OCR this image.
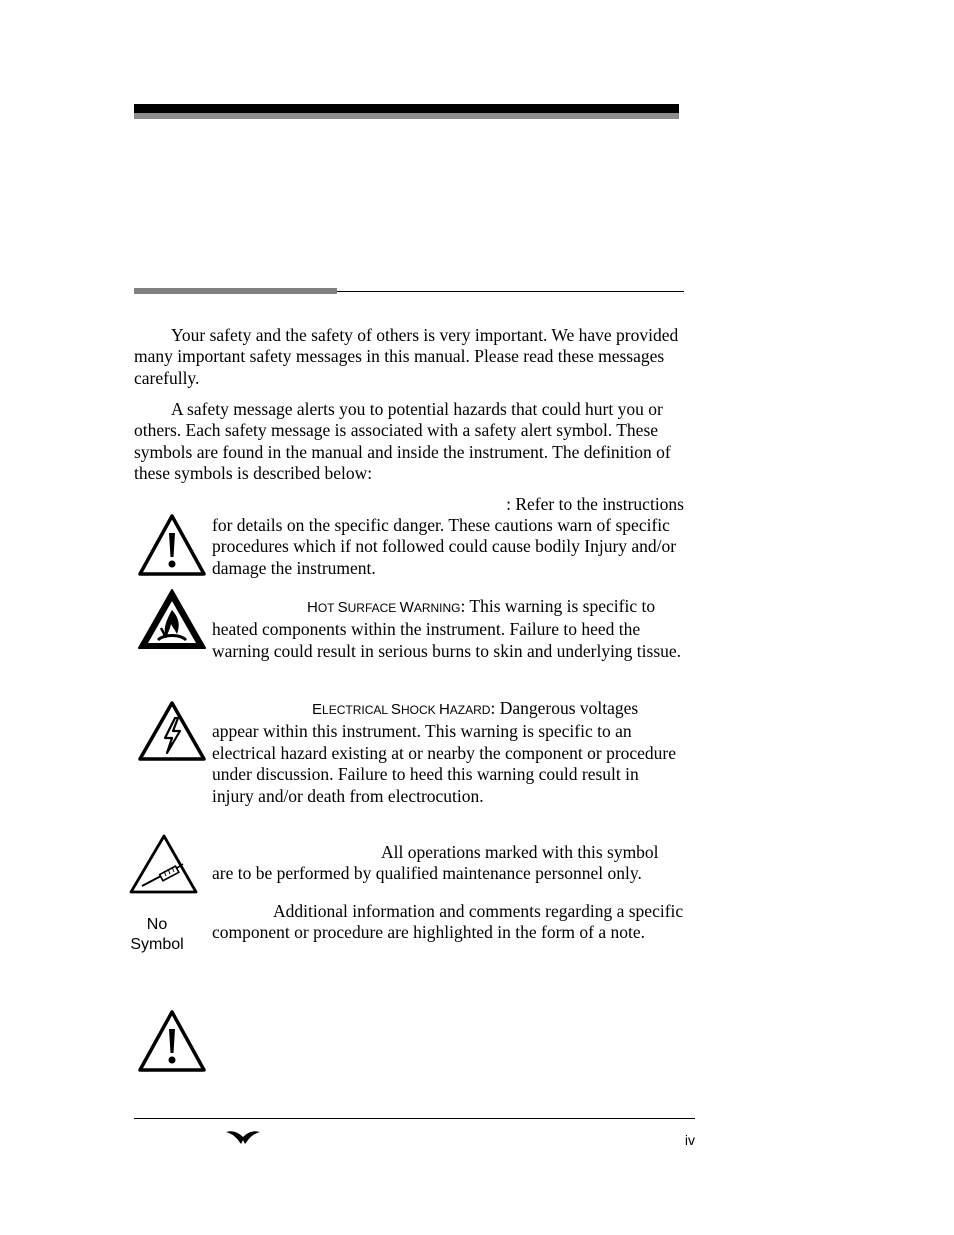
Your safety and the safety of others is very important. We have provided many important safety messages in this manual. Please read these messages carefully.
A safety message alerts you to potential hazards that could hurt you or others. Each safety message is associated with a safety alert symbol. These symbols are found in the manual and inside the instrument. The definition of these symbols is described below:
: Refer to the instructions
for details on the specific danger. These cautions warn of specific procedures which if not followed could cause bodily Injury and/or damage the instrument.
HOT SURFACE WARNING: This warning is specific to heated components within the instrument. Failure to heed the warning could result in serious burns to skin and underlying tissue.
ELECTRICAL SHOCK HAZARD: Dangerous voltages appear within this instrument. This warning is specific to an electrical hazard existing at or nearby the component or procedure under discussion. Failure to heed this warning could result in injury and/or death from electrocution.
All operations marked with this symbol are to be performed by qualified maintenance personnel only.
No
Symbol
Additional information and comments regarding a specific component or procedure are highlighted in the form of a note.
iv
